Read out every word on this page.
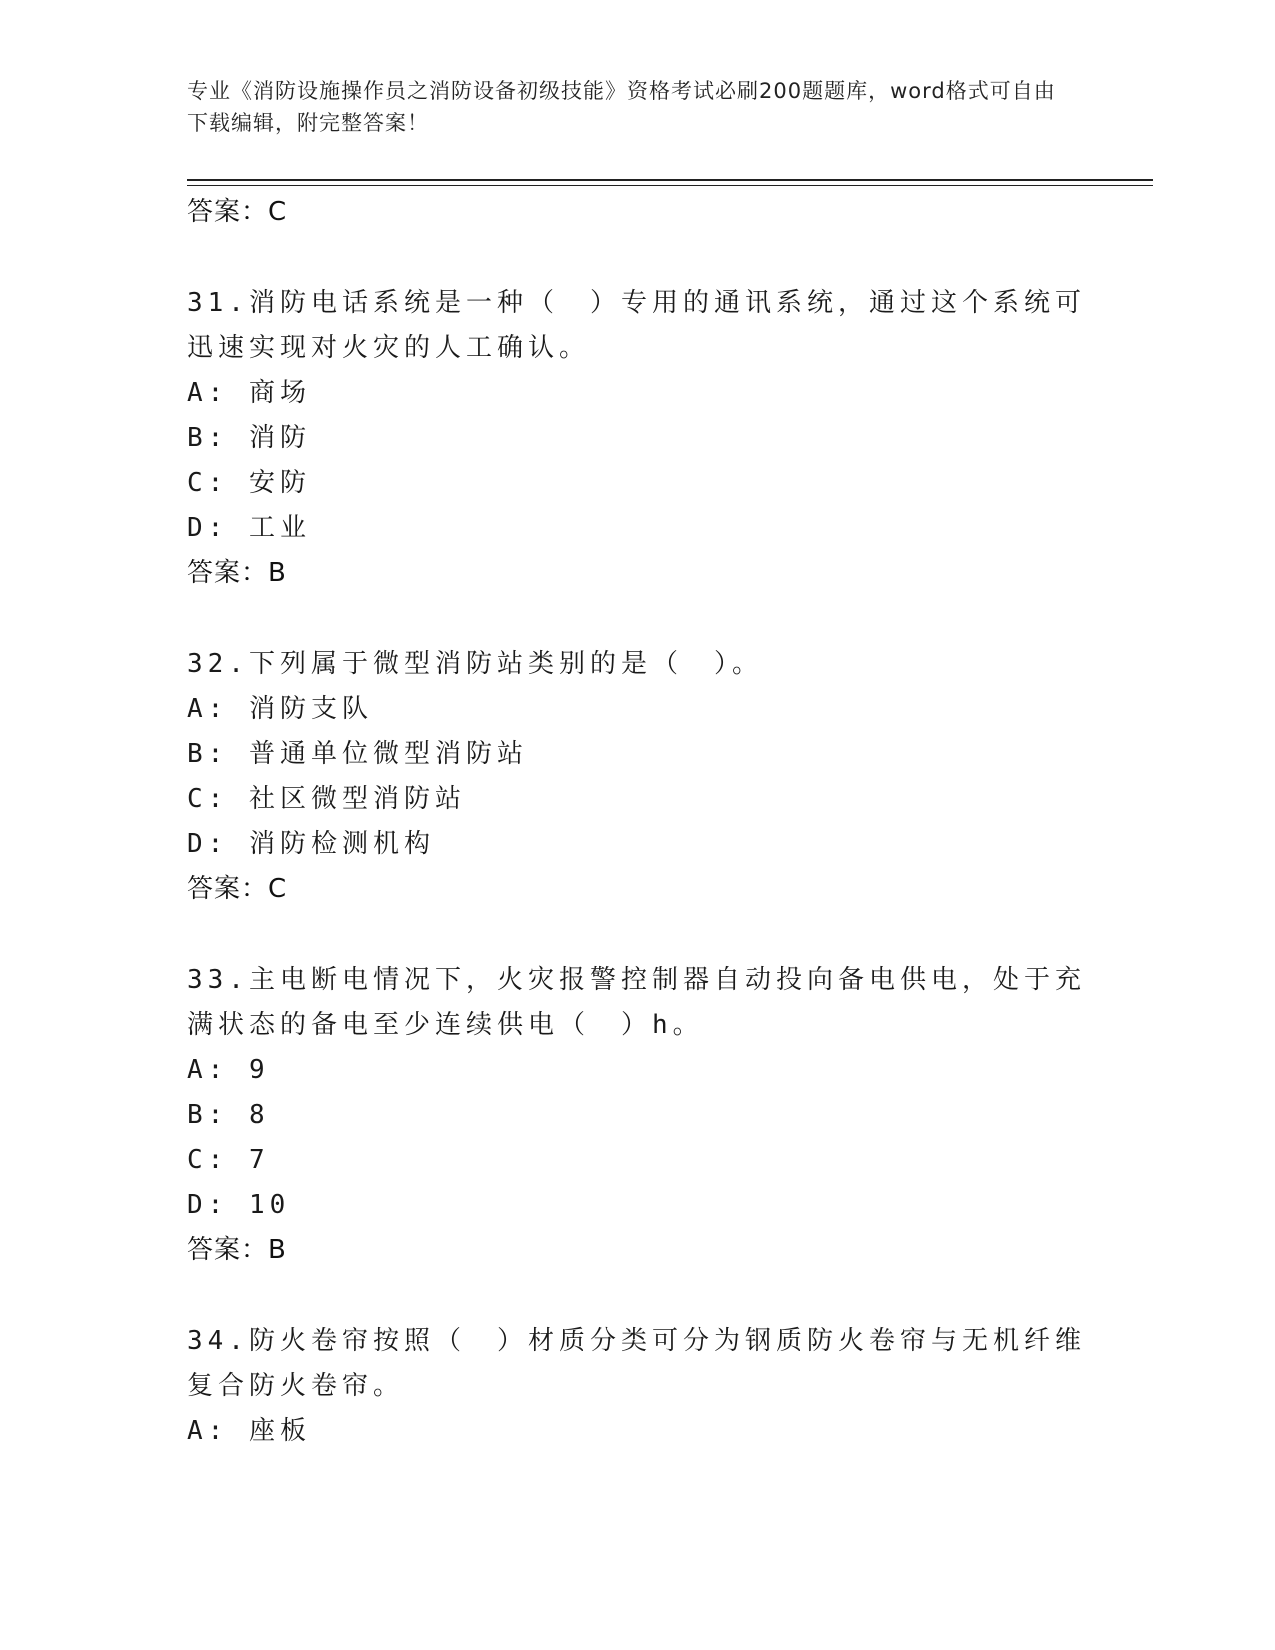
专业《消防设施操作员之消防设备初级技能》资格考试必刷200题题库，word格式可自由下载编辑，附完整答案！
答案：C
31.消防电话系统是一种（　）专用的通讯系统，通过这个系统可迅速实现对火灾的人工确认。
A: 商场
B: 消防
C: 安防
D: 工业
答案：B
32.下列属于微型消防站类别的是（　）。
A: 消防支队
B: 普通单位微型消防站
C: 社区微型消防站
D: 消防检测机构
答案：C
33.主电断电情况下，火灾报警控制器自动投向备电供电，处于充满状态的备电至少连续供电（　）h。
A: 9
B: 8
C: 7
D: 10
答案：B
34.防火卷帘按照（　）材质分类可分为钢质防火卷帘与无机纤维复合防火卷帘。
A: 座板
